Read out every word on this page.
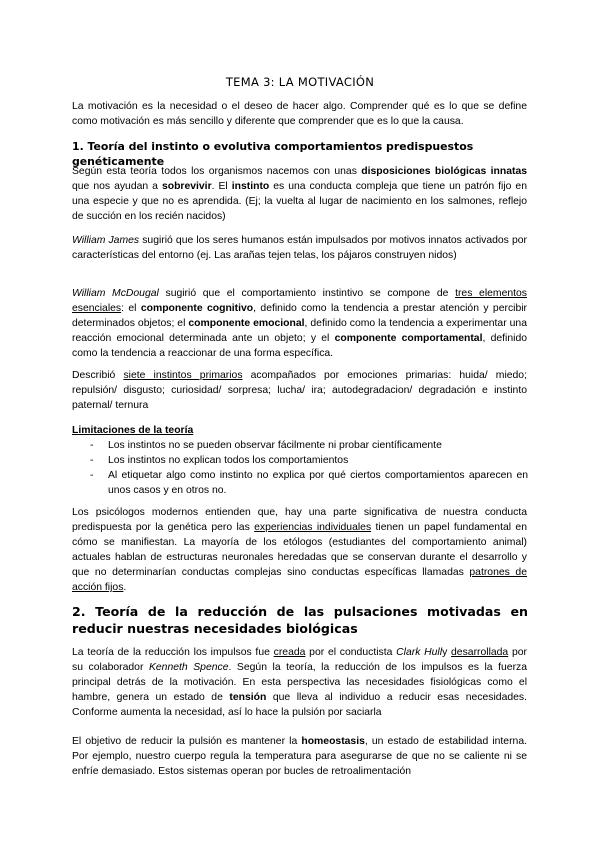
TEMA 3: LA MOTIVACIÓN

La motivación es la necesidad o el deseo de hacer algo. Comprender qué es lo que se define como motivación es más sencillo y diferente que comprender que es lo que la causa.

1. Teoría del instinto o evolutiva comportamientos predispuestos genéticamente

Según esta teoría todos los organismos nacemos con unas disposiciones biológicas innatas que nos ayudan a sobrevivir. El instinto es una conducta compleja que tiene un patrón fijo en una especie y que no es aprendida. (Ej; la vuelta al lugar de nacimiento en los salmones, reflejo de succión en los recién nacidos)

William James sugirió que los seres humanos están impulsados por motivos innatos activados por características del entorno (ej. Las arañas tejen telas, los pájaros construyen nidos)

William McDougal sugirió que el comportamiento instintivo se compone de tres elementos esenciales: el componente cognitivo, definido como la tendencia a prestar atención y percibir determinados objetos; el componente emocional, definido como la tendencia a experimentar una reacción emocional determinada ante un objeto; y el componente comportamental, definido como la tendencia a reaccionar de una forma específica.

Describió siete instintos primarios acompañados por emociones primarias: huida/ miedo; repulsión/ disgusto; curiosidad/ sorpresa; lucha/ ira; autodegradacion/ degradación e instinto paternal/ ternura

Limitaciones de la teoría

- Los instintos no se pueden observar fácilmente ni probar científicamente
- Los instintos no explican todos los comportamientos
- Al etiquetar algo como instinto no explica por qué ciertos comportamientos aparecen en unos casos y en otros no.

Los psicólogos modernos entienden que, hay una parte significativa de nuestra conducta predispuesta por la genética pero las experiencias individuales tienen un papel fundamental en cómo se manifiestan. La mayoría de los etólogos (estudiantes del comportamiento animal) actuales hablan de estructuras neuronales heredadas que se conservan durante el desarrollo y que no determinarían conductas complejas sino conductas específicas llamadas patrones de acción fijos.

2. Teoría de la reducción de las pulsaciones motivadas en reducir nuestras necesidades biológicas

La teoría de la reducción los impulsos fue creada por el conductista Clark Hully desarrollada por su colaborador Kenneth Spence. Según la teoría, la reducción de los impulsos es la fuerza principal detrás de la motivación. En esta perspectiva las necesidades fisiológicas como el hambre, genera un estado de tensión que lleva al individuo a reducir esas necesidades. Conforme aumenta la necesidad, así lo hace la pulsión por saciarla

El objetivo de reducir la pulsión es mantener la homeostasis, un estado de estabilidad interna. Por ejemplo, nuestro cuerpo regula la temperatura para asegurarse de que no se caliente ni se enfríe demasiado. Estos sistemas operan por bucles de retroalimentación
